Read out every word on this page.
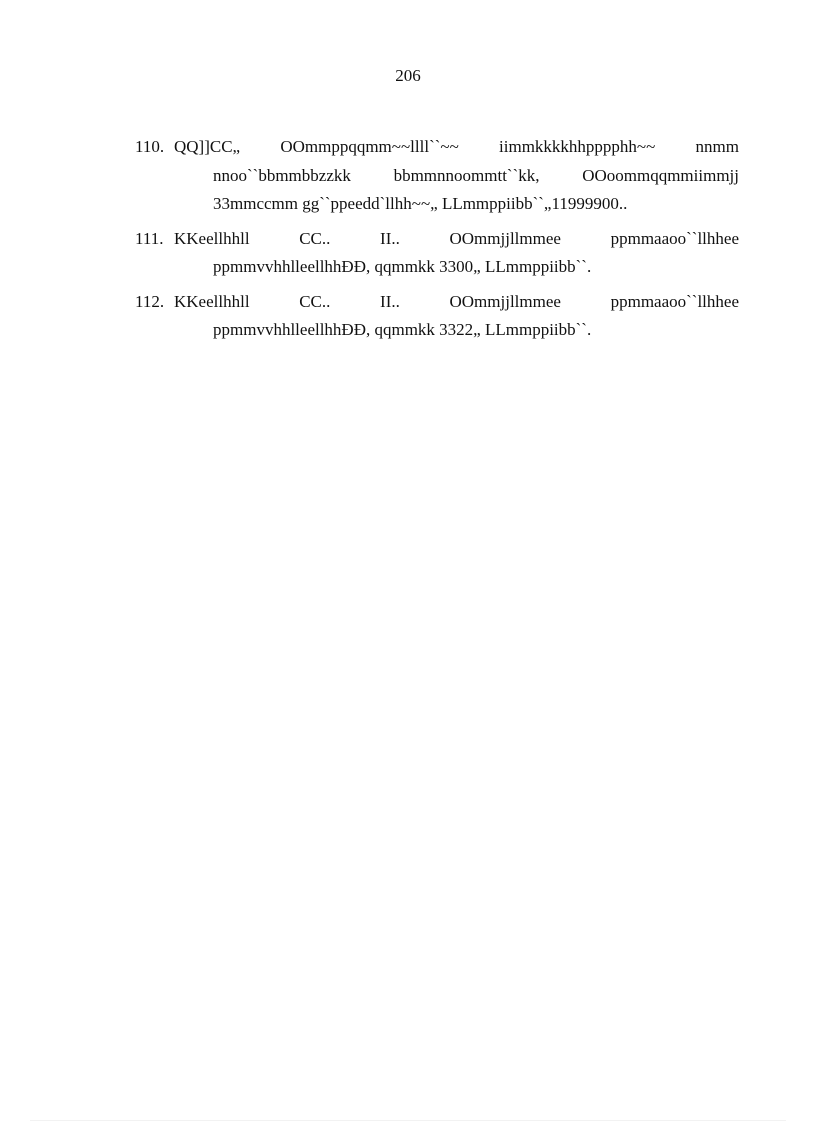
206
110. QQ]]CC„ OOmmppqqmm~~llll``~~ iimmkkkkhhpppphh~~ nnmm
nnoo``bbmmbbzzkk bbmmnnoommtt``kk, OOoommqqmmiimmjj
33mmccmm gg``ppeedd`llhh~~„ LLmmppiibb``„11999900..
111. KKeellhhll CC.. II.. OOmmjjllmmee ppmmaaoo``llhhee
ppmmvvhhlleellhhÐÐ, qqmmkk 3300„ LLmmppiibb``.
112. KKeellhhll CC.. II.. OOmmjjllmmee ppmmaaoo``llhhee
ppmmvvhhlleellhhÐÐ, qqmmkk 3322„ LLmmppiibb``.
